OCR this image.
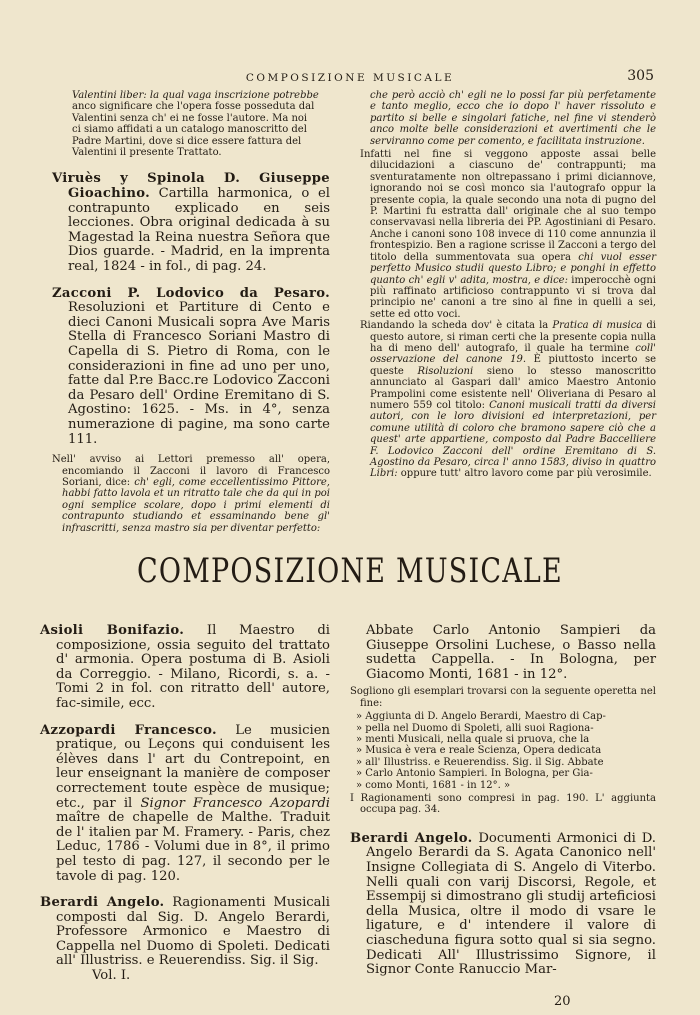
COMPOSIZIONE MUSICALE	305
Valentini liber: la qual vaga inscrizione potrebbe
anco significare che l'opera fosse posseduta dal
Valentini senza ch' ei ne fosse l'autore. Ma noi
ci siamo affidati a un catalogo manoscritto del
Padre Martini, dove si dice essere fattura del
Valentini il presente Trattato.

Viruès y Spinola D. Giuseppe Gioachino. Cartilla harmonica, o el contrapunto explicado en seis lecciones. Obra original dedicada à su Magestad la Reina nuestra Señora que Dios guarde. - Madrid, en la imprenta real, 1824 - in fol., di pag. 24.

Zacconi P. Lodovico da Pesaro. Resoluzioni et Partiture di Cento e dieci Canoni Musicali sopra Ave Maris Stella di Francesco Soriani Mastro di Capella di S. Pietro di Roma, con le considerazioni in fine ad uno per uno, fatte dal P.re Bacc.re Lodovico Zacconi da Pesaro dell' Ordine Eremitano di S. Agostino: 1625. - Ms. in 4°, senza numerazione di pagine, ma sono carte 111.

Nell' avviso ai Lettori premesso all' opera, encomiando il Zacconi il lavoro di Francesco Soriani, dice: ch' egli, come eccellentissimo Pittore, habbi fatto lavola et un ritratto tale che da qui in poi ogni semplice scolare, dopo i primi elementi di contrapunto studiando et essaminando bene gl' infrascritti, senza mastro sia per diventar perfetto:

che però acciò ch' egli ne lo possi far più perfetamente e tanto meglio, ecco che io dopo l' haver rissoluto e partito si belle e singolari fatiche, nel fine vi stenderò anco molte belle considerazioni et avertimenti che le serviranno come per comento, e facilitata instruzione.

Infatti nel fine si veggono apposte assai belle dilucidazioni a ciascuno de' contrappunti; ma sventuratamente non oltrepassano i primi diciannove, ignorando noi se così monco sia l'autografo oppur la presente copia, la quale secondo una nota di pugno del P. Martini fu estratta dall' originale che al suo tempo conservavasi nella libreria dei PP. Agostiniani di Pesaro. Anche i canoni sono 108 invece di 110 come annunzia il frontespizio. Ben a ragione scrisse il Zacconi a tergo del titolo della summentovata sua opera chi vuol esser perfetto Musico studii questo Libro; e ponghi in effetto quanto ch' egli v' adita, mostra, e dice: imperocchè ogni più raffinato artificioso contrappunto vi si trova dal principio ne' canoni a tre sino al fine in quelli a sei, sette ed otto voci.

Riandando la scheda dov' è citata la Pratica di musica di questo autore, si riman certi che la presente copia nulla ha di meno dell' autografo, il quale ha termine coll' osservazione del canone 19. È piuttosto incerto se queste Risoluzioni sieno lo stesso manoscritto annunciato al Gaspari dall' amico Maestro Antonio Prampolini come esistente nell' Oliveriana di Pesaro al numero 559 col titolo: Canoni musicali tratti da diversi autori, con le loro divisioni ed interpretazioni, per comune utilità di coloro che bramono sapere ciò che a quest' arte appartiene, composto dal Padre Baccelliere F. Lodovico Zacconi dell' ordine Eremitano di S. Agostino da Pesaro, circa l' anno 1583, diviso in quattro Libri: oppure tutt' altro lavoro come par più verosimile.

COMPOSIZIONE MUSICALE

Asioli Bonifazio. Il Maestro di composizione, ossia seguito del trattato d' armonia. Opera postuma di B. Asioli da Correggio. - Milano, Ricordi, s. a. - Tomi 2 in fol. con ritratto dell' autore, fac-simile, ecc.

Azzopardi Francesco. Le musicien pratique, ou Leçons qui conduisent les élèves dans l' art du Contrepoint, en leur enseignant la manière de composer correctement toute espèce de musique; etc., par il Signor Francesco Azopardi maître de chapelle de Malthe. Traduit de l' italien par M. Framery. - Paris, chez Leduc, 1786 - Volumi due in 8°, il primo pel testo di pag. 127, il secondo per le tavole di pag. 120.

Berardi Angelo. Ragionamenti Musicali composti dal Sig. D. Angelo Berardi, Professore Armonico e Maestro di Cappella nel Duomo di Spoleti. Dedicati all' Illustriss. e Reuerendiss. Sig. il Sig.

Vol. I.

Abbate Carlo Antonio Sampieri da Giuseppe Orsolini Luchese, o Basso nella sudetta Cappella. - In Bologna, per Giacomo Monti, 1681 - in 12°.

Sogliono gli esemplari trovarsi con la seguente operetta nel fine:

» Aggiunta di D. Angelo Berardi, Maestro di Cap-
» pella nel Duomo di Spoleti, alli suoi Ragiona-
» menti Musicali, nella quale si pruova, che la
» Musica è vera e reale Scienza, Opera dedicata
» all' Illustriss. e Reuerendiss. Sig. il Sig. Abbate
» Carlo Antonio Sampieri. In Bologna, per Gia-
» como Monti, 1681 - in 12°. »

I Ragionamenti sono compresi in pag. 190. L' aggiunta occupa pag. 34.

Berardi Angelo. Documenti Armonici di D. Angelo Berardi da S. Agata Canonico nell' Insigne Collegiata di S. Angelo di Viterbo. Nelli quali con varij Discorsi, Regole, et Essempij si dimostrano gli studij arteficiosi della Musica, oltre il modo di vsare le ligature, e d' intendere il valore di ciascheduna figura sotto qual si sia segno. Dedicati All' Illustrissimo Signore, il Signor Conte Ranuccio Mar-

20
